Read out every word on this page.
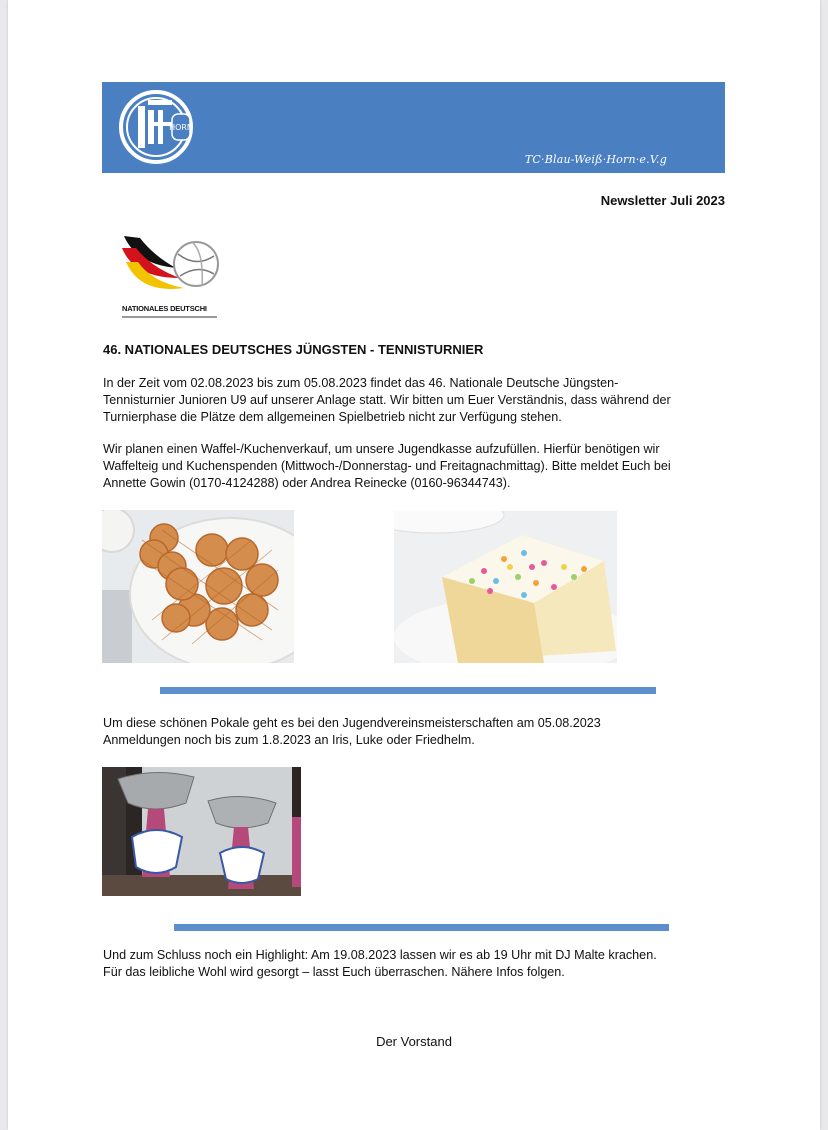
HORN
TC·Blau-Weiß·Horn·e.V.g
Newsletter Juli 2023
NATIONALES DEUTSCHI
46. NATIONALES DEUTSCHES JÜNGSTEN - TENNISTURNIER
In der Zeit vom 02.08.2023 bis zum 05.08.2023 findet das 46. Nationale Deutsche Jüngsten-
Tennisturnier Junioren U9 auf unserer Anlage statt. Wir bitten um Euer Verständnis, dass während der
Turnierphase die Plätze dem allgemeinen Spielbetrieb nicht zur Verfügung stehen.
Wir planen einen Waffel-/Kuchenverkauf, um unsere Jugendkasse aufzufüllen. Hierfür benötigen wir
Waffelteig und Kuchenspenden (Mittwoch-/Donnerstag- und Freitagnachmittag). Bitte meldet Euch bei
Annette Gowin (0170-4124288) oder Andrea Reinecke (0160-96344743).
Um diese schönen Pokale geht es bei den Jugendvereinsmeisterschaften am 05.08.2023
Anmeldungen noch bis zum 1.8.2023 an Iris, Luke oder Friedhelm.
Und zum Schluss noch ein Highlight: Am 19.08.2023 lassen wir es ab 19 Uhr mit DJ Malte krachen.
Für das leibliche Wohl wird gesorgt – lasst Euch überraschen. Nähere Infos folgen.
Der Vorstand
